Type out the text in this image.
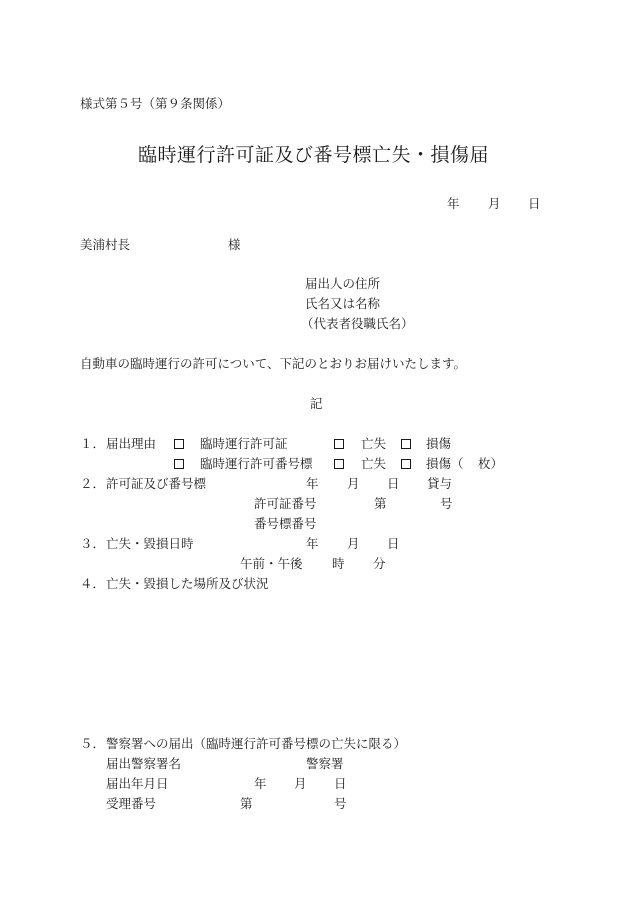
様式第５号（第９条関係）
臨時運行許可証及び番号標亡失・損傷届
年 月 日
美浦村長	様
届出人の住所
氏名又は名称
（代表者役職氏名）
自動車の臨時運行の許可について、下記のとおりお届けいたします。
記
１． 届出理由	臨時運行許可証	亡失	損傷
臨時運行許可番号標	亡失	損傷（ 枚）
２． 許可証及び番号標	年 月 日 貸与
許可証番号	第	号
番号標番号
３． 亡失・毀損日時	年 月 日
午前・午後 時 分
４． 亡失・毀損した場所及び状況
５． 警察署への届出（臨時運行許可番号標の亡失に限る）
届出警察署名	警察署
届出年月日	年 月 日
受理番号	第	号
